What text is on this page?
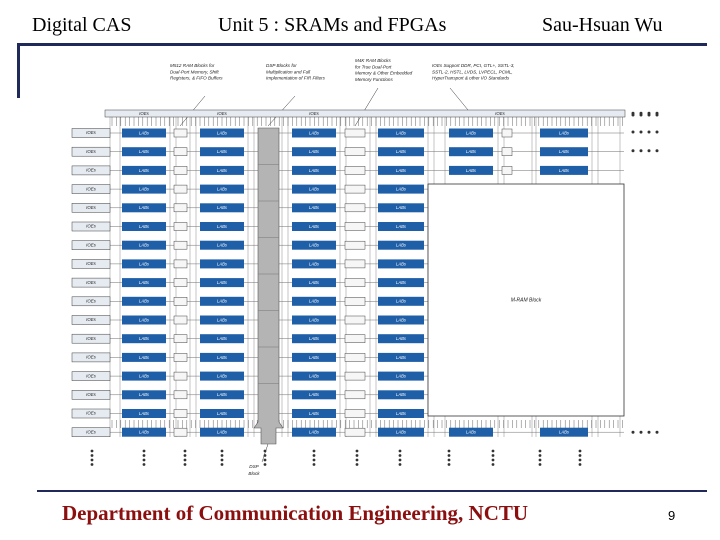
Digital CAS	Unit 5 : SRAMs and FPGAs	Sau-Hsuan Wu
IOEs	IOEs	IOEs	IOEs
IOEs
IOEs
IOEs
IOEs
IOEs
IOEs
IOEs
IOEs
IOEs
IOEs
IOEs
IOEs
IOEs
IOEs
IOEs
IOEs
IOEs
LABs	LABs	LABs	LABs
LABs	LABs	LABs	LABs
LABs	LABs	LABs	LABs
LABs	LABs	LABs	LABs
LABs	LABs	LABs	LABs
LABs	LABs	LABs	LABs
LABs	LABs	LABs	LABs
LABs	LABs	LABs	LABs
LABs	LABs	LABs	LABs
LABs	LABs	LABs	LABs
LABs	LABs	LABs	LABs
LABs	LABs	LABs	LABs
LABs	LABs	LABs	LABs
LABs	LABs	LABs	LABs
LABs	LABs	LABs	LABs
LABs	LABs	LABs	LABs
LABs	LABs	LABs	LABs
LABs	LABs
LABs	LABs
LABs	LABs
LABs	LABs
M-RAM Block
M512 RAM Blocks for
Dual-Port Memory, Shift
Registers, & FIFO Buffers
DSP Blocks for
Multiplication and Full
Implementation of FIR Filters
M4K RAM Blocks
for True Dual-Port
Memory & Other Embedded
Memory Functions
IOEs Support DDR, PCI, GTL+, SSTL-3,
SSTL-2, HSTL, LVDS, LVPECL, PCML,
HyperTransport & other I/O Standards
DSP
Block
Department of Communication Engineering, NCTU	9
